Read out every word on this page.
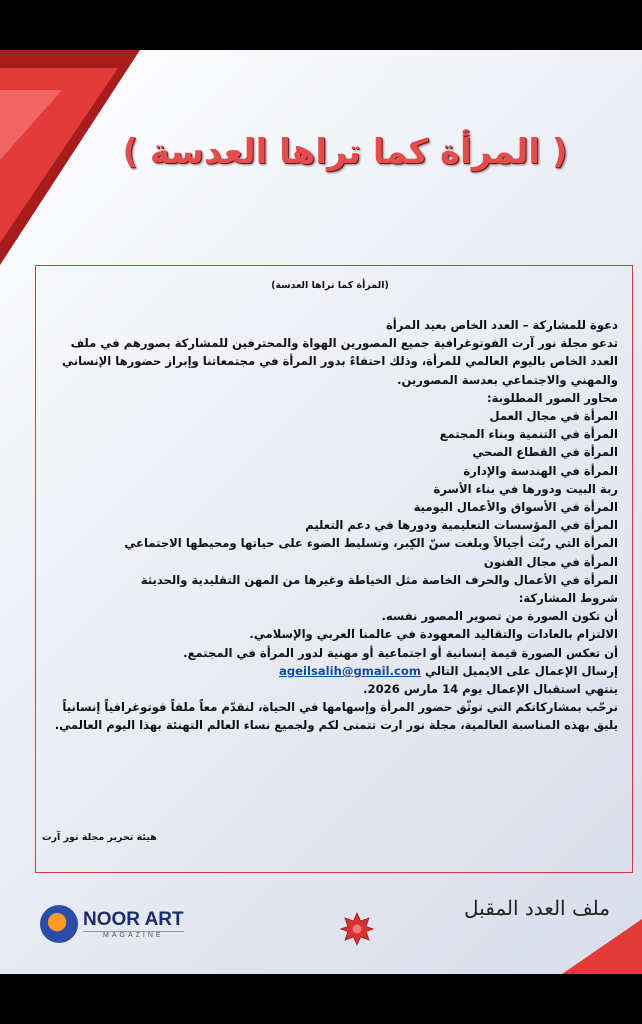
( المرأة كما تراها العدسة )
(المرأة كما تراها العدسة)
دعوة للمشاركة – العدد الخاص بعيد المرأة
تدعو مجلة نور آرت الفوتوغرافية جميع المصورين الهواة والمحترفين للمشاركة بصورهم في ملف
العدد الخاص باليوم العالمي للمرأة، وذلك احتفاءً بدور المرأة في مجتمعاتنا وإبراز حضورها الإنساني
والمهني والاجتماعي بعدسة المصورين.
محاور الصور المطلوبة:
المرأة في مجال العمل
المرأة في التنمية وبناء المجتمع
المرأة في القطاع الصحي
المرأة في الهندسة والإدارة
ربة البيت ودورها في بناء الأسرة
المرأة في الأسواق والأعمال اليومية
المرأة في المؤسسات التعليمية ودورها في دعم التعليم
المرأة التي ربّت أجيالاً وبلغت سنّ الكِبر، وتسليط الضوء على حياتها ومحيطها الاجتماعي
المرأة في مجال الفنون
المرأة في الأعمال والحرف الخاصة مثل الخياطة وغيرها من المهن التقليدية والحديثة
شروط المشاركة:
أن تكون الصورة من تصوير المصور نفسه.
الالتزام بالعادات والتقاليد المعهودة في عالمنا العربي والإسلامي.
أن تعكس الصورة قيمة إنسانية أو اجتماعية أو مهنية لدور المرأة في المجتمع.
إرسال الإعمال على الايميل التالي ageilsalih@gmail.com
ينتهي استقبال الإعمال يوم 14 مارس 2026.
نرحّب بمشاركاتكم التي توثّق حضور المرأة وإسهامها في الحياة، لنقدّم معاً ملفاً فوتوغرافياً إنسانياً
يليق بهذه المناسبة العالمية، مجلة نور ارت تتمنى لكم ولجميع نساء العالم التهنئة بهذا اليوم العالمي.
هيئة تحرير مجلة نور آرت
NOOR ART
MAGAZINE
ملف العدد المقبل
